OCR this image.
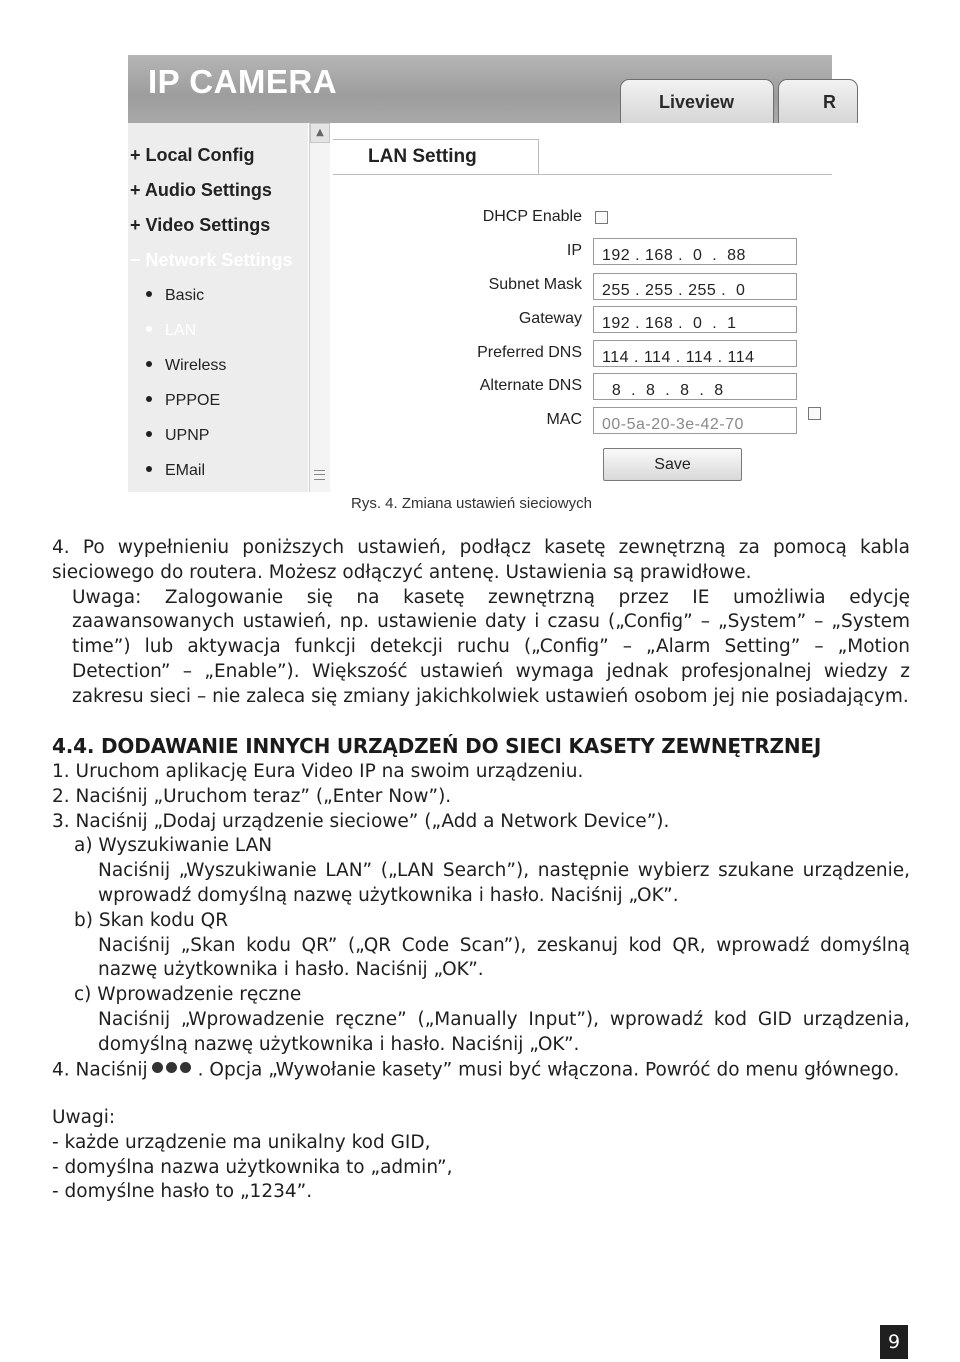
IP CAMERA
Liveview	R
+ Local Config
+ Audio Settings
+ Video Settings
− Network Settings
Basic
LAN
Wireless
PPPOE
UPNP
EMail
▲
LAN Setting
DHCP Enable
IP	192 . 168 .  0  .  88
Subnet Mask	255 . 255 . 255 .  0
Gateway	192 . 168 .  0  .  1
Preferred DNS	114 . 114 . 114 . 114
Alternate DNS	8  .  8  .  8  .  8
MAC	00-5a-20-3e-42-70
Save
Rys. 4. Zmiana ustawień sieciowych

4. Po wypełnieniu poniższych ustawień, podłącz kasetę zewnętrzną za pomocą kabla sieciowego do routera. Możesz odłączyć antenę. Ustawienia są prawidłowe.

Uwaga: Zalogowanie się na kasetę zewnętrzną przez IE umożliwia edycję zaawansowanych ustawień, np. ustawienie daty i czasu („Config” – „System” – „System time”) lub aktywacja funkcji detekcji ruchu („Config” – „Alarm Setting” – „Motion Detection” – „Enable”). Większość ustawień wymaga jednak profesjonalnej wiedzy z zakresu sieci – nie zaleca się zmiany jakichkolwiek ustawień osobom jej nie posiadającym.

4.4. DODAWANIE INNYCH URZĄDZEŃ DO SIECI KASETY ZEWNĘTRZNEJ

1. Uruchom aplikację Eura Video IP na swoim urządzeniu.

2. Naciśnij „Uruchom teraz” („Enter Now”).

3. Naciśnij „Dodaj urządzenie sieciowe” („Add a Network Device”).

a) Wyszukiwanie LAN

Naciśnij „Wyszukiwanie LAN” („LAN Search”), następnie wybierz szukane urządzenie, wprowadź domyślną nazwę użytkownika i hasło. Naciśnij „OK”.

b) Skan kodu QR

Naciśnij „Skan kodu QR” („QR Code Scan”), zeskanuj kod QR, wprowadź domyślną nazwę użytkownika i hasło. Naciśnij „OK”.

c) Wprowadzenie ręczne

Naciśnij „Wprowadzenie ręczne” („Manually Input”), wprowadź kod GID urządzenia, domyślną nazwę użytkownika i hasło. Naciśnij „OK”.

4. Naciśnij	. Opcja „Wywołanie kasety” musi być włączona. Powróć do menu głównego.

Uwagi:

- każde urządzenie ma unikalny kod GID,

- domyślna nazwa użytkownika to „admin”,

- domyślne hasło to „1234”.

9
